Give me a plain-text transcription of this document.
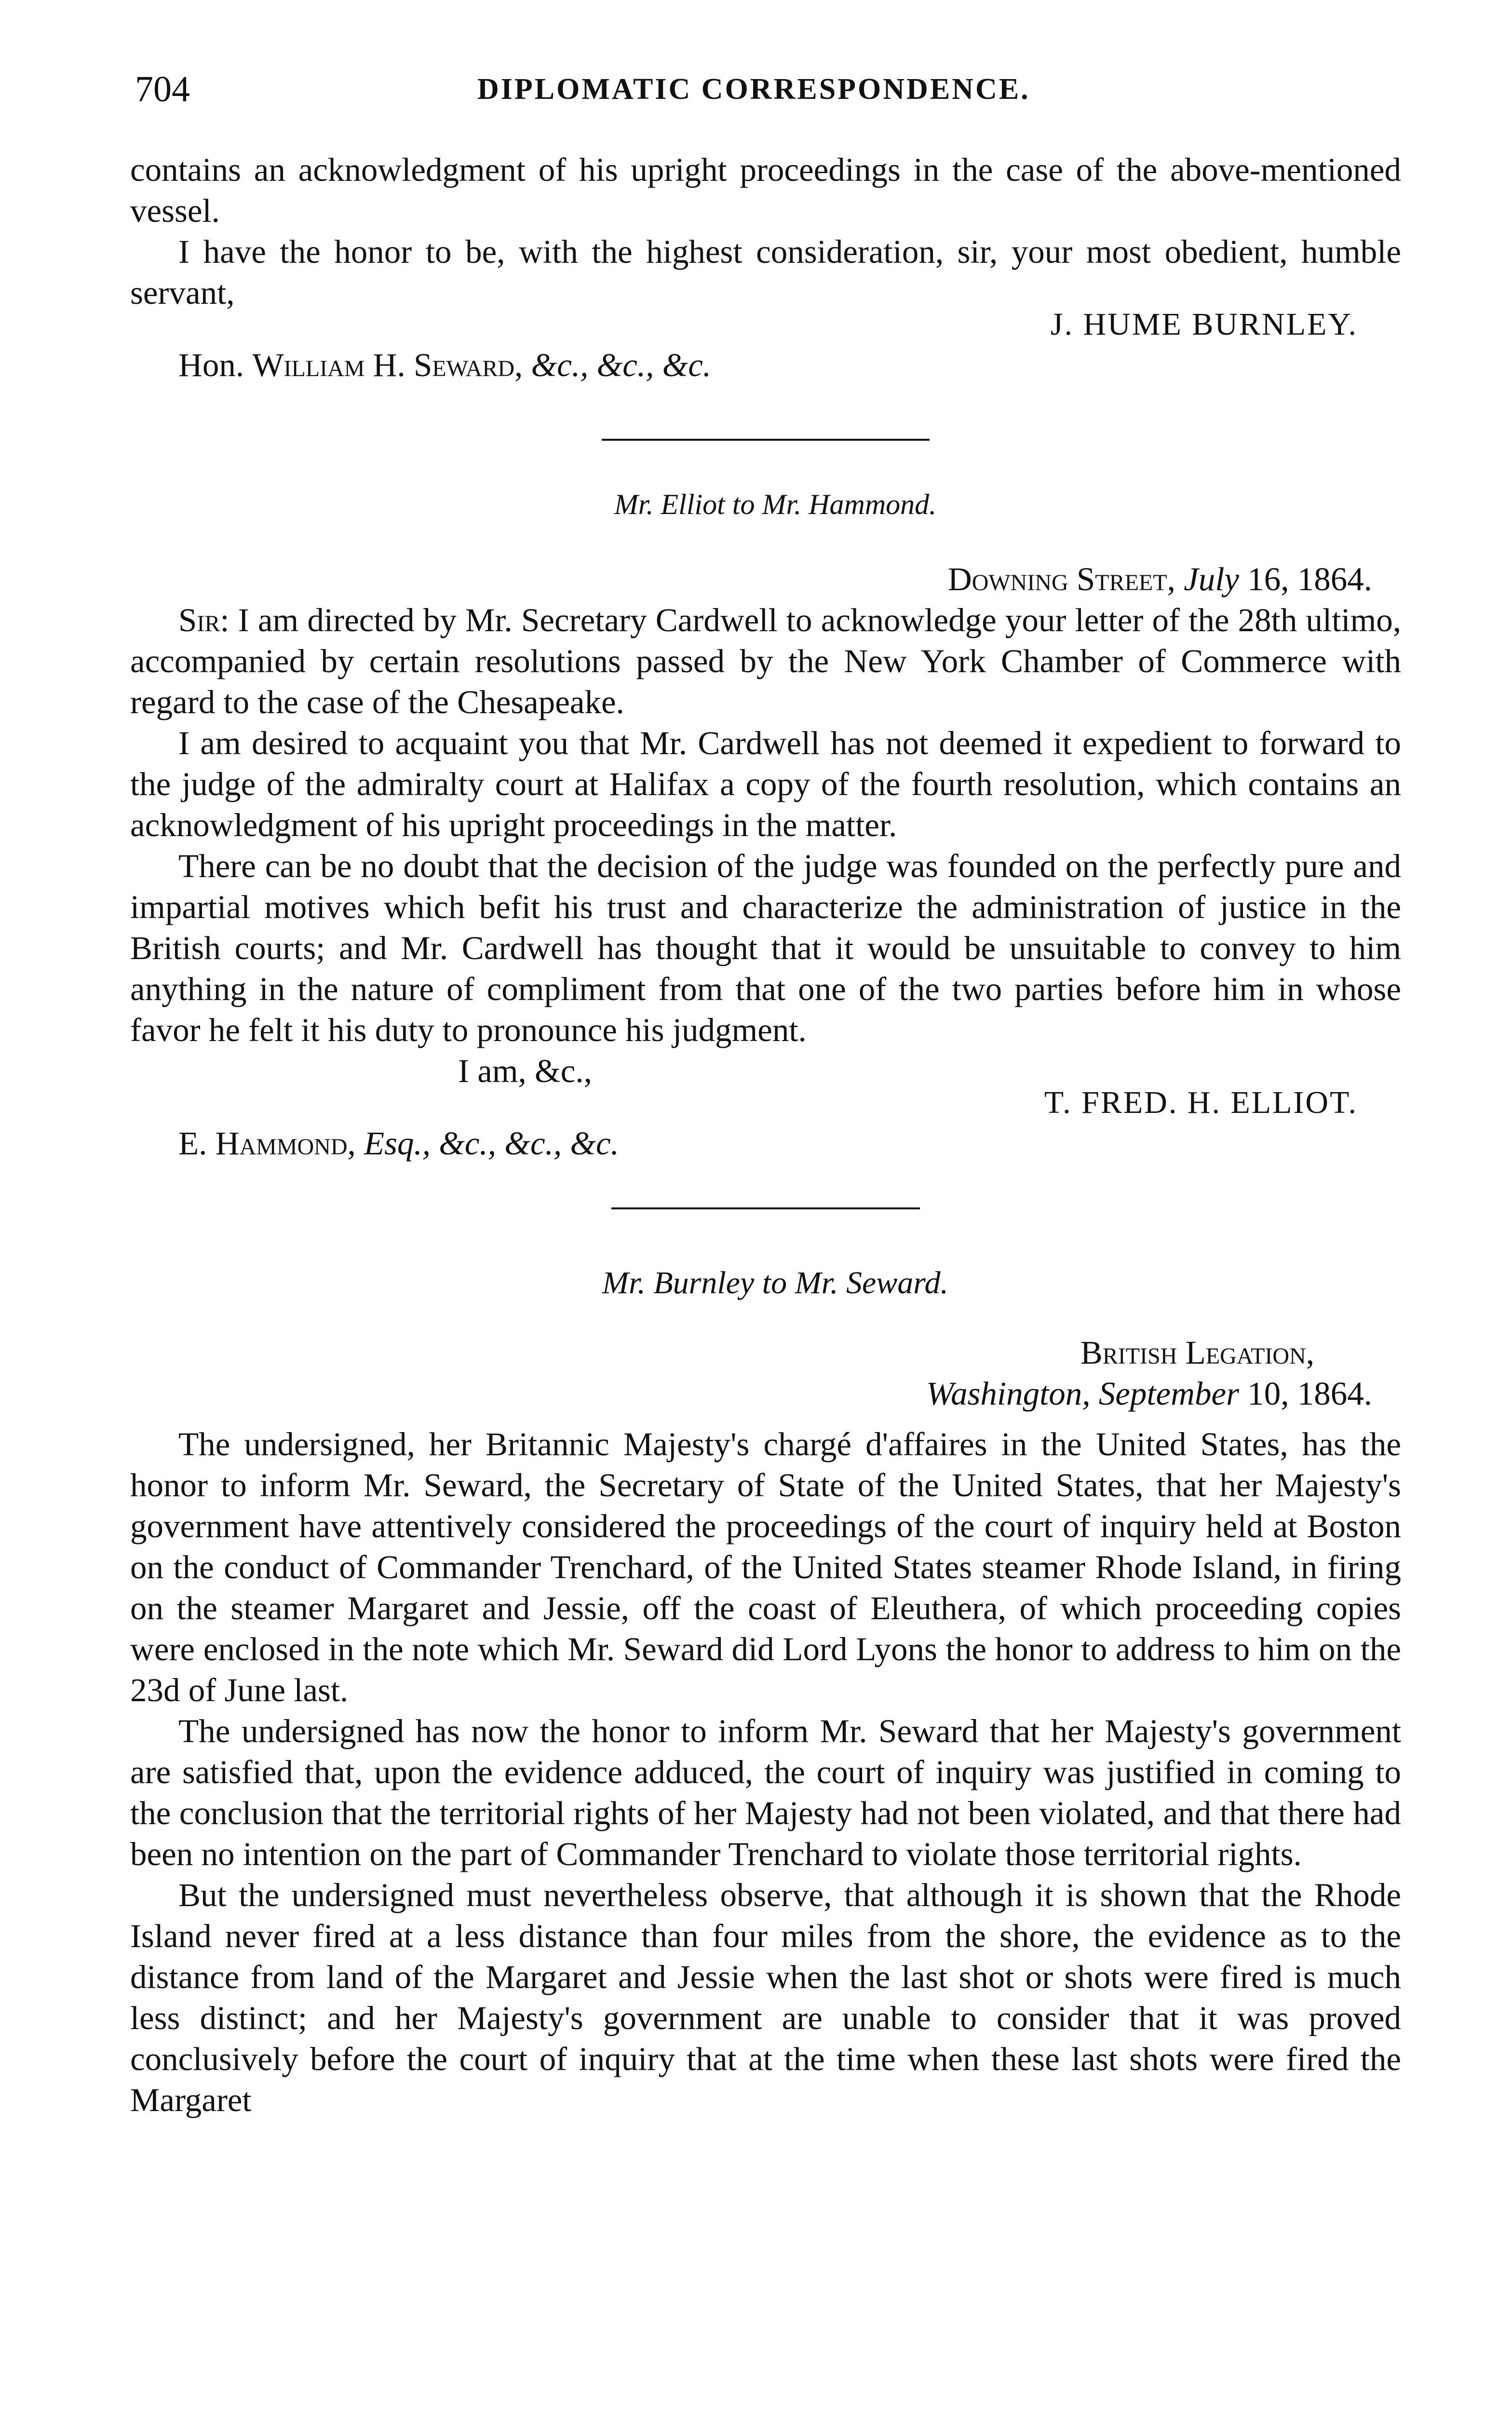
704	DIPLOMATIC CORRESPONDENCE.

contains an acknowledgment of his upright proceedings in the case of the above-mentioned vessel.

I have the honor to be, with the highest consideration, sir, your most obedient, humble servant,

J. HUME BURNLEY.
Hon. William H. Seward, &c., &c., &c.
Mr. Elliot to Mr. Hammond.
Downing Street, July 16, 1864.

Sir: I am directed by Mr. Secretary Cardwell to acknowledge your letter of the 28th ultimo, accompanied by certain resolutions passed by the New York Chamber of Commerce with regard to the case of the Chesapeake.

I am desired to acquaint you that Mr. Cardwell has not deemed it expedient to forward to the judge of the admiralty court at Halifax a copy of the fourth resolution, which contains an acknowledgment of his upright proceedings in the matter.

There can be no doubt that the decision of the judge was founded on the perfectly pure and impartial motives which befit his trust and characterize the administration of justice in the British courts; and Mr. Cardwell has thought that it would be unsuitable to convey to him anything in the nature of compliment from that one of the two parties before him in whose favor he felt it his duty to pronounce his judgment.

I am, &c.,
T. FRED. H. ELLIOT.
E. Hammond, Esq., &c., &c., &c.
Mr. Burnley to Mr. Seward.
British Legation,
Washington, September 10, 1864.

The undersigned, her Britannic Majesty's chargé d'affaires in the United States, has the honor to inform Mr. Seward, the Secretary of State of the United States, that her Majesty's government have attentively considered the proceedings of the court of inquiry held at Boston on the conduct of Commander Trenchard, of the United States steamer Rhode Island, in firing on the steamer Margaret and Jessie, off the coast of Eleuthera, of which proceeding copies were enclosed in the note which Mr. Seward did Lord Lyons the honor to address to him on the 23d of June last.

The undersigned has now the honor to inform Mr. Seward that her Majesty's government are satisfied that, upon the evidence adduced, the court of inquiry was justified in coming to the conclusion that the territorial rights of her Majesty had not been violated, and that there had been no intention on the part of Commander Trenchard to violate those territorial rights.

But the undersigned must nevertheless observe, that although it is shown that the Rhode Island never fired at a less distance than four miles from the shore, the evidence as to the distance from land of the Margaret and Jessie when the last shot or shots were fired is much less distinct; and her Majesty's government are unable to consider that it was proved conclusively before the court of inquiry that at the time when these last shots were fired the Margaret
